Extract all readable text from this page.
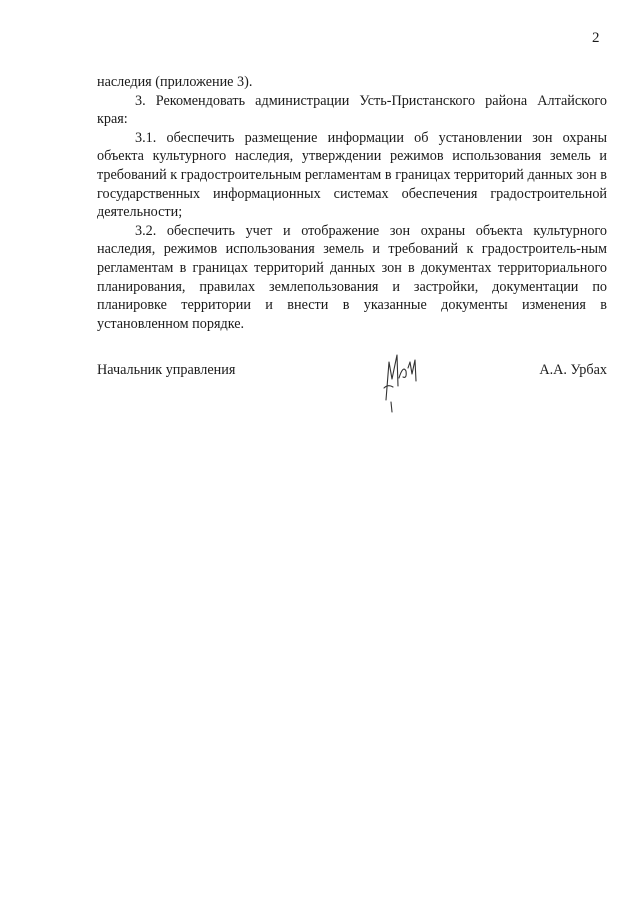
2

наследия (приложение 3).

3. Рекомендовать администрации Усть-Пристанского района Алтайского края:

3.1. обеспечить размещение информации об установлении зон охраны объекта культурного наследия, утверждении режимов использования земель и требований к градостроительным регламентам в границах территорий данных зон в государственных информационных системах обеспечения градостроительной деятельности;

3.2. обеспечить учет и отображение зон охраны объекта культурного наследия, режимов использования земель и требований к градостроитель-ным регламентам в границах территорий данных зон в документах территориального планирования, правилах землепользования и застройки, документации по планировке территории и внести в указанные документы изменения в установленном порядке.

Начальник управления	А.А. Урбах
